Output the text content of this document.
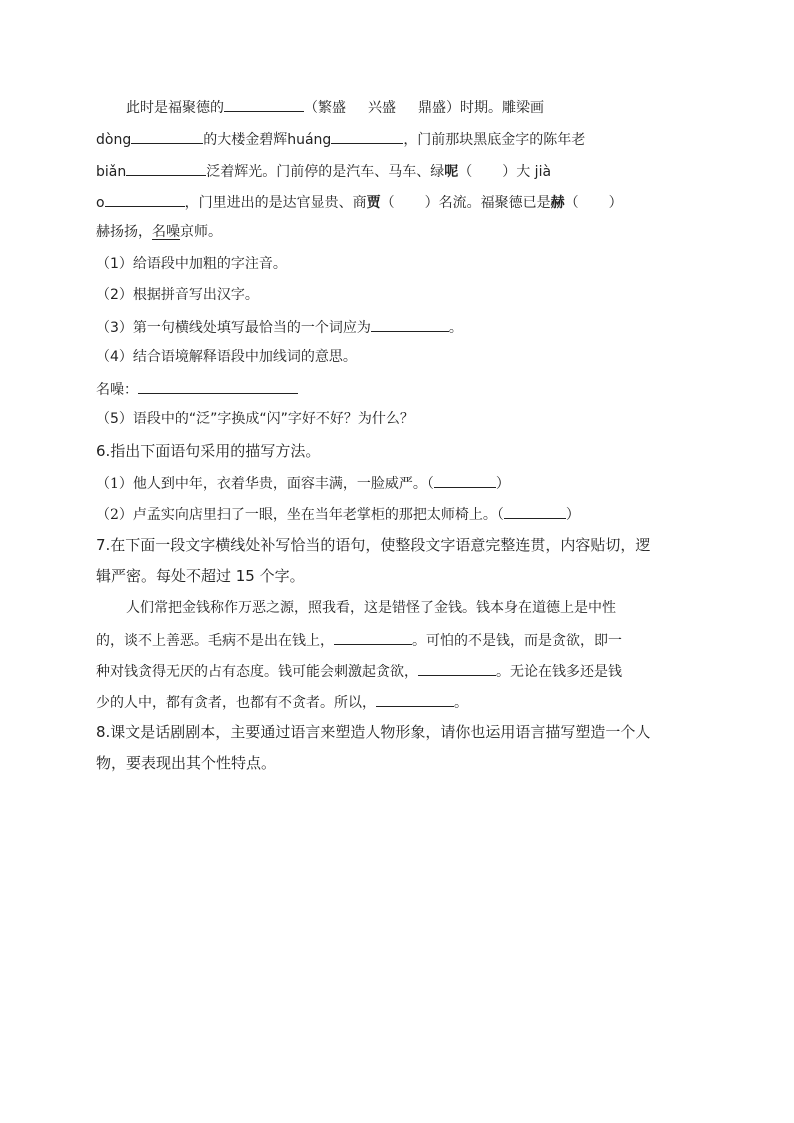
此时是福聚德的	（繁盛 兴盛 鼎盛）时期。雕梁画
dòng	的大楼金碧辉huáng	，门前那块黑底金字的陈年老
biǎn	泛着辉光。门前停的是汽车、马车、绿呢（ ）大 jià
o	，门里进出的是达官显贵、商贾（ ）名流。福聚德已是赫（ ）
赫扬扬，名噪京师。
（1）给语段中加粗的字注音。
（2）根据拼音写出汉字。
（3）第一句横线处填写最恰当的一个词应为	。
（4）结合语境解释语段中加线词的意思。
名噪：
（5）语段中的“泛”字换成“闪”字好不好？为什么？
6.指出下面语句采用的描写方法。
（1）他人到中年，衣着华贵，面容丰满，一脸威严。（	）
（2）卢孟实向店里扫了一眼，坐在当年老掌柜的那把太师椅上。（	）
7.在下面一段文字横线处补写恰当的语句，使整段文字语意完整连贯，内容贴切，逻
辑严密。每处不超过 15 个字。
人们常把金钱称作万恶之源，照我看，这是错怪了金钱。钱本身在道德上是中性
的，谈不上善恶。毛病不是出在钱上，	。可怕的不是钱，而是贪欲，即一
种对钱贪得无厌的占有态度。钱可能会刺激起贪欲，	。无论在钱多还是钱
少的人中，都有贪者，也都有不贪者。所以，	。
8.课文是话剧剧本，主要通过语言来塑造人物形象，请你也运用语言描写塑造一个人
物，要表现出其个性特点。
